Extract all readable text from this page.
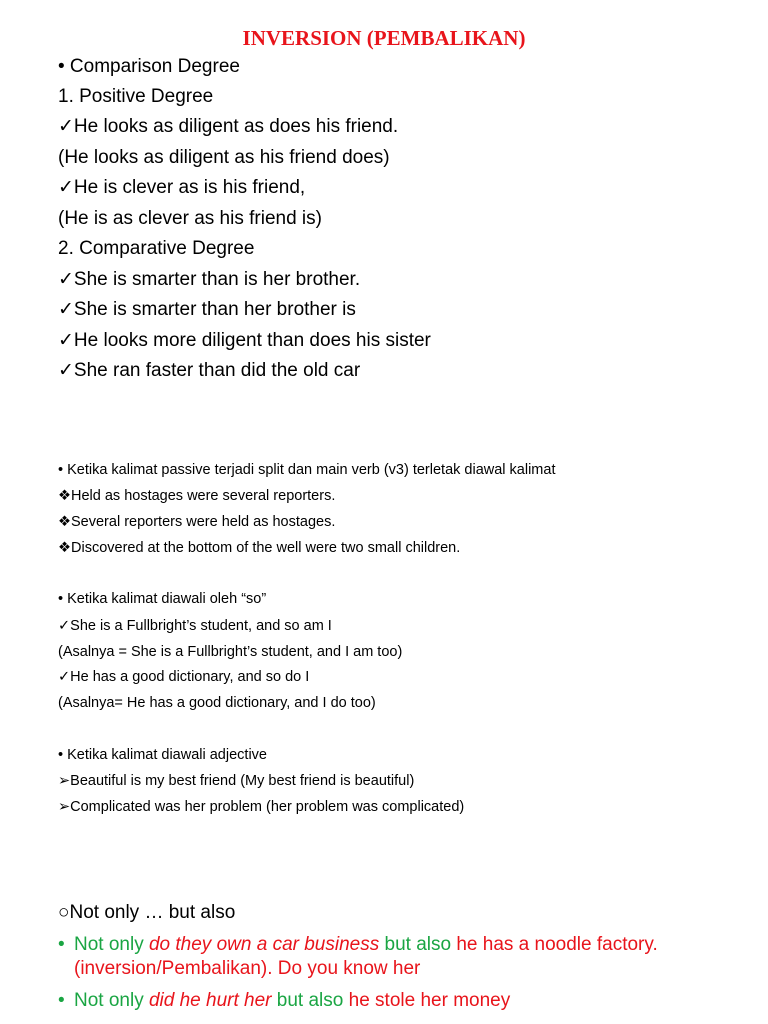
INVERSION (PEMBALIKAN)
• Comparison Degree
1. Positive Degree
✓He looks as diligent as does his friend.
(He looks as diligent as his friend does)
✓He is clever as is his friend,
(He is as clever as his friend is)
2. Comparative Degree
✓She is smarter than is her brother.
✓She is smarter than her brother is
✓He looks more diligent than does his sister
✓She ran faster than did the old car
• Ketika kalimat passive terjadi split dan main verb (v3) terletak diawal kalimat
❖Held as hostages were several reporters.
❖Several reporters were held as hostages.
❖Discovered at the bottom of the well were two small children.
• Ketika kalimat diawali oleh “so”
✓She is a Fullbright’s student, and so am I
(Asalnya = She is a Fullbright’s student, and I am too)
✓He has a good dictionary, and so do I
(Asalnya= He has a good dictionary, and I do too)
• Ketika kalimat diawali adjective
➢Beautiful is my best friend (My best friend is beautiful)
➢Complicated was her problem (her problem was complicated)
○Not only … but also
• Not only do they own a car business but also he has a noodle factory.
(inversion/Pembalikan). Do you know her
• Not only did he hurt her but also he stole her money
